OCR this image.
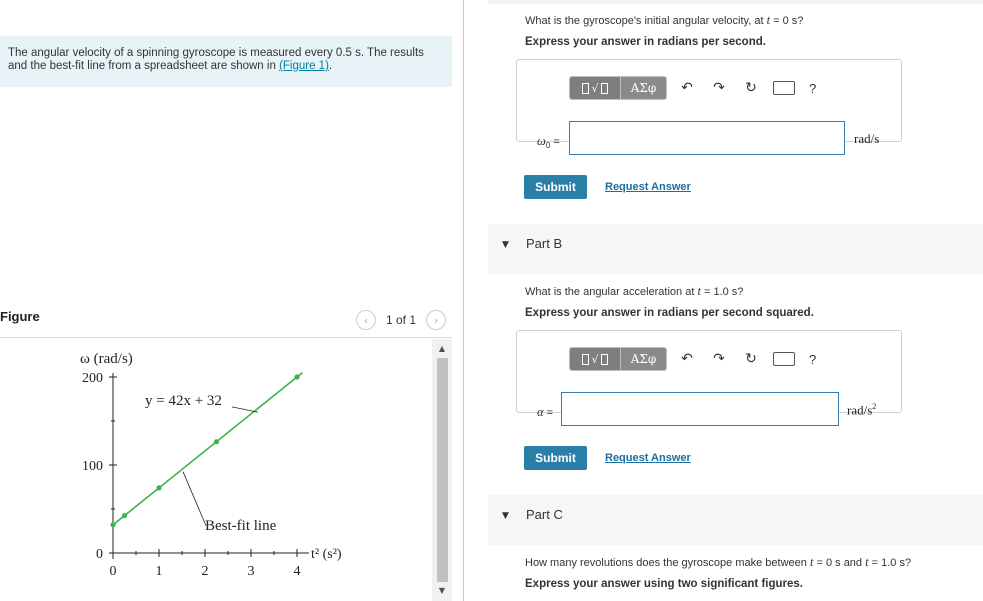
The angular velocity of a spinning gyroscope is measured every 0.5 s. The results and the best-fit line from a spreadsheet are shown in (Figure 1).
Figure	‹	1 of 1	›
0	1	2	3	4
0
100
200
ω (rad/s)
t² (s²)
y = 42x + 32
Best-fit line
▲
▼
What is the gyroscope's initial angular velocity, at t = 0 s?
Express your answer in radians per second.
√	ΑΣφ	↶	↷	↻	?
$\omega_0$ =	rad/s
Submit	Request Answer
▼ Part B
What is the angular acceleration at t = 1.0 s?
Express your answer in radians per second squared.
√	ΑΣφ	↶	↷	↻	?
α =	rad/$s^2$
Submit	Request Answer
▼ Part C
How many revolutions does the gyroscope make between t = 0 s and t = 1.0 s?
Express your answer using two significant figures.
